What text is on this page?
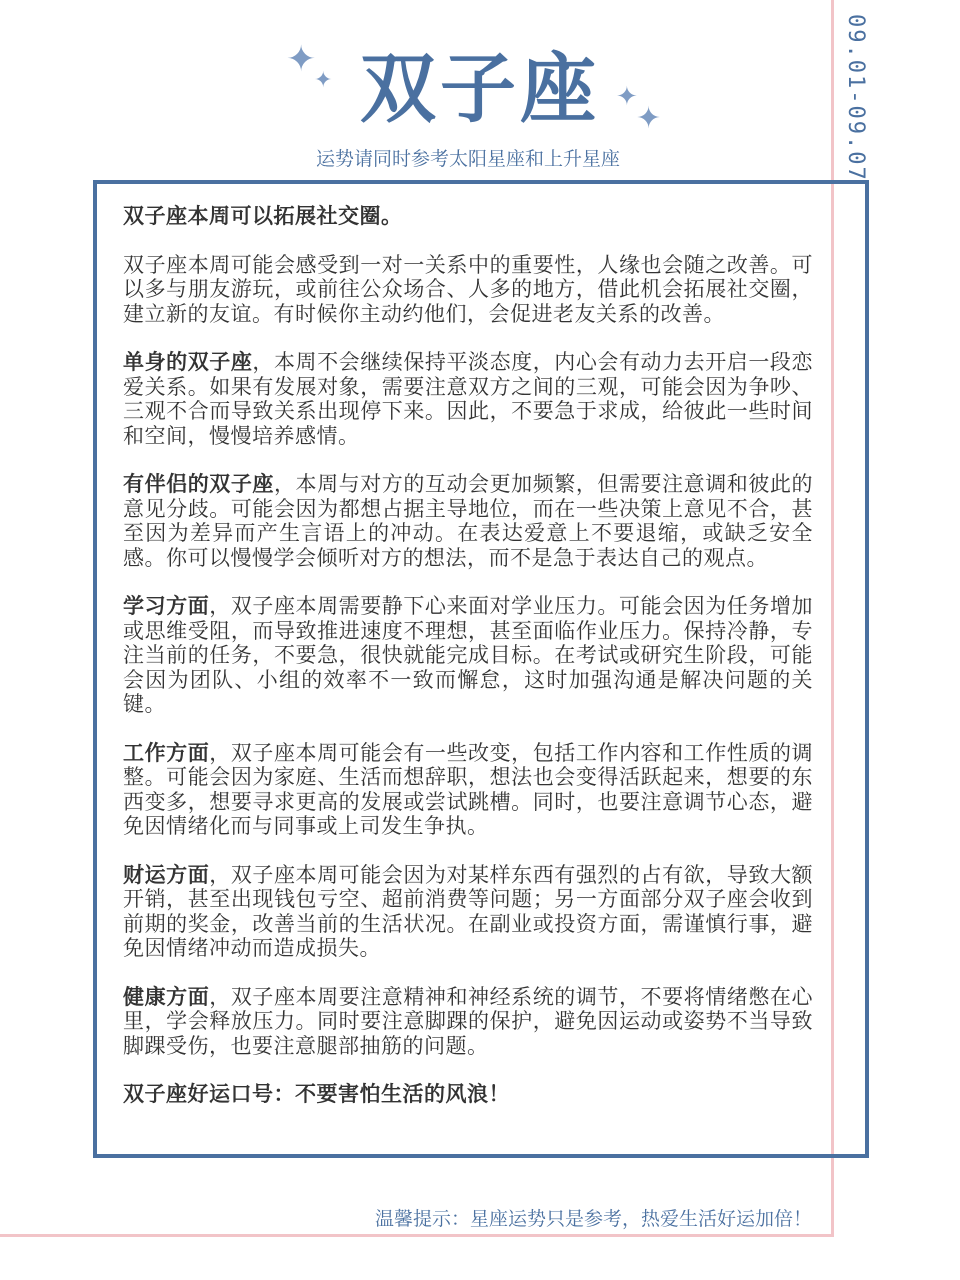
09.01-09.07
✦
✦
✦
✦
双子座
运势请同时参考太阳星座和上升星座

双子座本周可以拓展社交圈。

双子座本周可能会感受到一对一关系中的重要性，人缘也会随之改善。可以多与朋友游玩，或前往公众场合、人多的地方，借此机会拓展社交圈，建立新的友谊。有时候你主动约他们，会促进老友关系的改善。

单身的双子座，本周不会继续保持平淡态度，内心会有动力去开启一段恋爱关系。如果有发展对象，需要注意双方之间的三观，可能会因为争吵、三观不合而导致关系出现停下来。因此，不要急于求成，给彼此一些时间和空间，慢慢培养感情。

有伴侣的双子座，本周与对方的互动会更加频繁，但需要注意调和彼此的意见分歧。可能会因为都想占据主导地位，而在一些决策上意见不合，甚至因为差异而产生言语上的冲动。在表达爱意上不要退缩，或缺乏安全感。你可以慢慢学会倾听对方的想法，而不是急于表达自己的观点。

学习方面，双子座本周需要静下心来面对学业压力。可能会因为任务增加或思维受阻，而导致推进速度不理想，甚至面临作业压力。保持冷静，专注当前的任务，不要急，很快就能完成目标。在考试或研究生阶段，可能会因为团队、小组的效率不一致而懈怠，这时加强沟通是解决问题的关键。

工作方面，双子座本周可能会有一些改变，包括工作内容和工作性质的调整。可能会因为家庭、生活而想辞职，想法也会变得活跃起来，想要的东西变多，想要寻求更高的发展或尝试跳槽。同时，也要注意调节心态，避免因情绪化而与同事或上司发生争执。

财运方面，双子座本周可能会因为对某样东西有强烈的占有欲，导致大额开销，甚至出现钱包亏空、超前消费等问题；另一方面部分双子座会收到前期的奖金，改善当前的生活状况。在副业或投资方面，需谨慎行事，避免因情绪冲动而造成损失。

健康方面，双子座本周要注意精神和神经系统的调节，不要将情绪憋在心里，学会释放压力。同时要注意脚踝的保护，避免因运动或姿势不当导致脚踝受伤，也要注意腿部抽筋的问题。

双子座好运口号：不要害怕生活的风浪！

温馨提示：星座运势只是参考，热爱生活好运加倍！
